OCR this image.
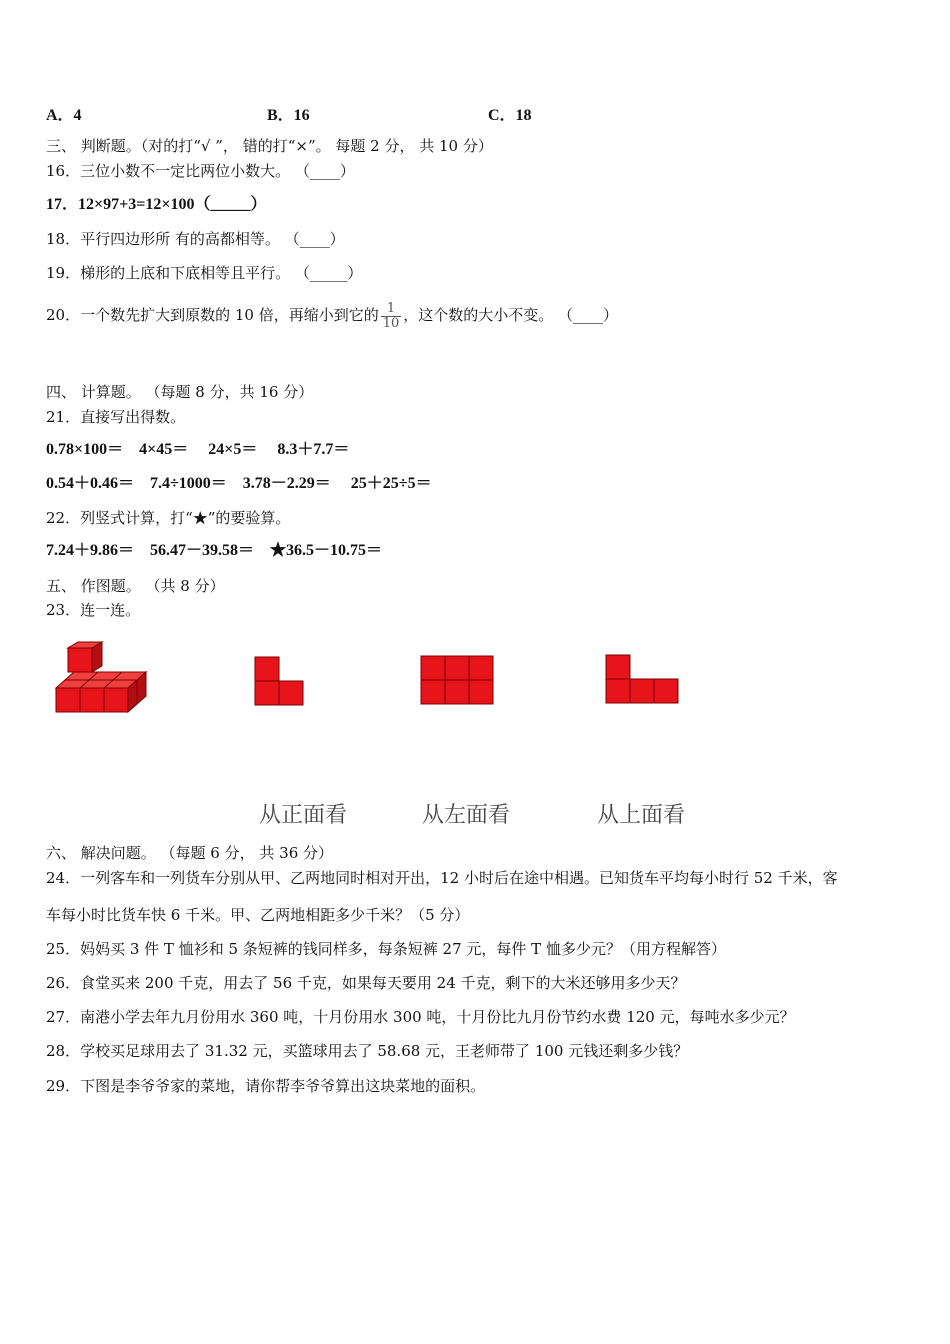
A．4	B．16	C．18
三、 判断题。（对的打“√ ”， 错的打“×”。 每题 2 分， 共 10 分）
16．三位小数不一定比两位小数大。 （____）
17．12×97+3=12×100（_____）
18．平行四边形所 有的高都相等。 （____）
19．梯形的上底和下底相等且平行。 （_____）
20．一个数先扩大到原数的 10 倍，再缩小到它的 $\frac{1}{10}$ ，这个数的大小不变。 （____）
四、 计算题。 （每题 8 分，共 16 分）
21．直接写出得数。
0.78×100＝　4×45＝　 24×5＝　 8.3＋7.7＝
0.54＋0.46＝　7.4÷1000＝　3.78－2.29＝　 25＋25÷5＝
22．列竖式计算，打“★”的要验算。
7.24＋9.86＝　56.47－39.58＝　★36.5－10.75＝
五、 作图题。 （共 8 分）
23．连一连。
从正面看	从左面看	从上面看
六、 解决问题。 （每题 6 分， 共 36 分）
24．一列客车和一列货车分别从甲、乙两地同时相对开出，12 小时后在途中相遇。已知货车平均每小时行 52 千米，客
车每小时比货车快 6 千米。甲、乙两地相距多少千米？（5 分）
25．妈妈买 3 件 T 恤衫和 5 条短裤的钱同样多，每条短裤 27 元，每件 T 恤多少元？（用方程解答）
26．食堂买来 200 千克，用去了 56 千克，如果每天要用 24 千克，剩下的大米还够用多少天？
27．南港小学去年九月份用水 360 吨，十月份用水 300 吨，十月份比九月份节约水费 120 元，每吨水多少元？
28．学校买足球用去了 31.32 元，买篮球用去了 58.68 元，王老师带了 100 元钱还剩多少钱？
29．下图是李爷爷家的菜地，请你帮李爷爷算出这块菜地的面积。
